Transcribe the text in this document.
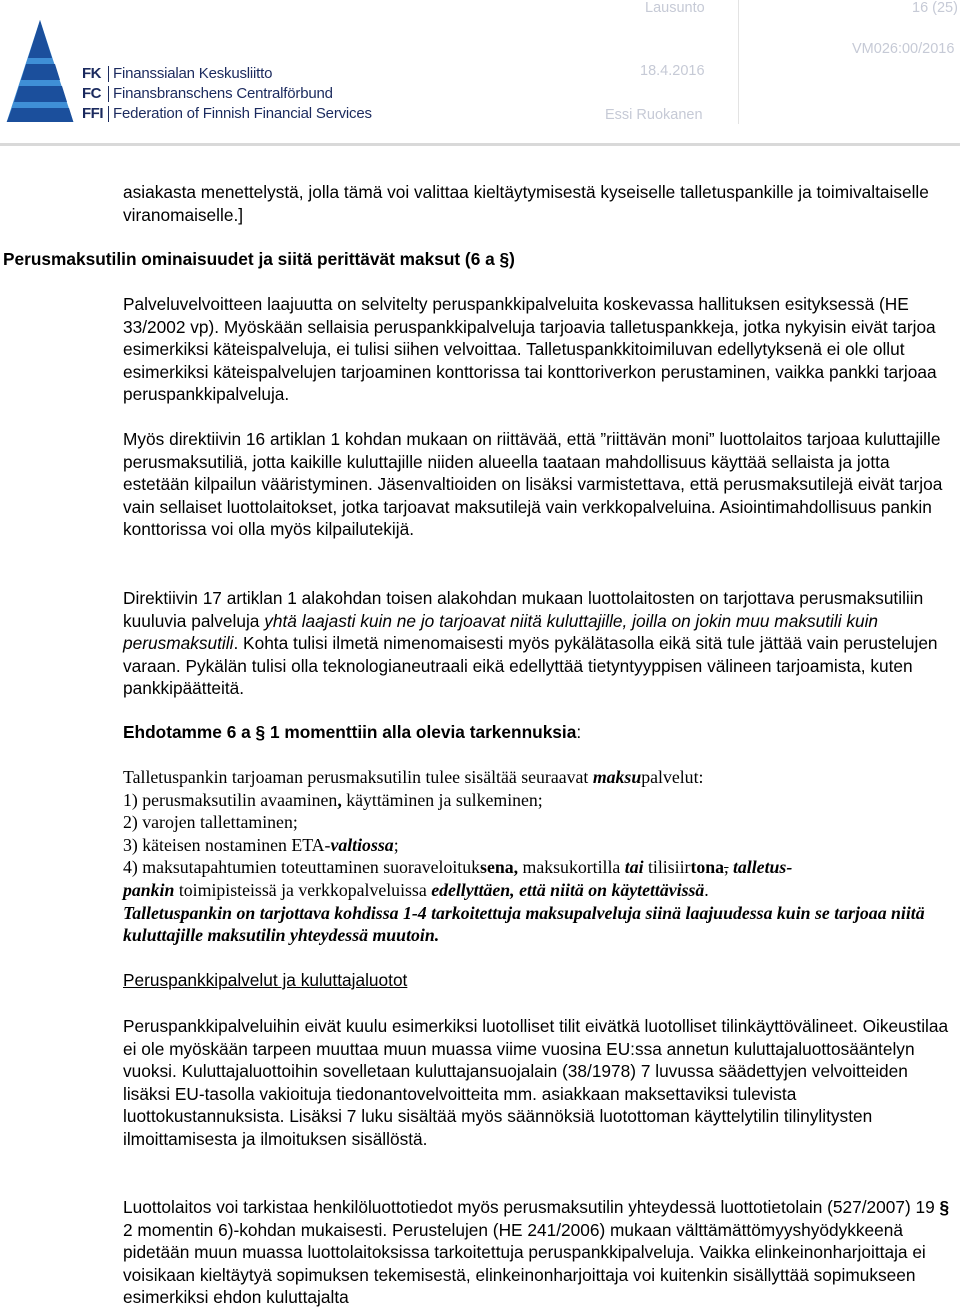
FK Finanssialan Keskusliitto
FC Finansbranschens Centralförbund
FFI Federation of Finnish Financial Services
Lausunto	16 (25)
18.4.2016
VM026:00/2016
Essi Ruokanen
asiakasta menettelystä, jolla tämä voi valittaa kieltäytymisestä kyseiselle talletuspankille ja toimivaltaiselle viranomaiselle.]
Perusmaksutilin ominaisuudet ja siitä perittävät maksut (6 a §)
Palveluvelvoitteen laajuutta on selvitelty peruspankkipalveluita koskevassa hallituksen esityksessä (HE 33/2002 vp). Myöskään sellaisia peruspankkipalveluja tarjoavia talletuspankkeja, jotka nykyisin eivät tarjoa esimerkiksi käteispalveluja, ei tulisi siihen velvoittaa. Talletuspankkitoimiluvan edellytyksenä ei ole ollut esimerkiksi käteispalvelujen tarjoaminen konttorissa tai konttoriverkon perustaminen, vaikka pankki tarjoaa peruspankkipalveluja.
Myös direktiivin 16 artiklan 1 kohdan mukaan on riittävää, että ”riittävän moni” luottolaitos tarjoaa kuluttajille perusmaksutiliä, jotta kaikille kuluttajille niiden alueella taataan mahdollisuus käyttää sellaista ja jotta estetään kilpailun vääristyminen. Jäsenvaltioiden on lisäksi varmistettava, että perusmaksutilejä eivät tarjoa vain sellaiset luottolaitokset, jotka tarjoavat maksutilejä vain verkkopalveluina. Asiointimahdollisuus pankin konttorissa voi olla myös kilpailutekijä.
Direktiivin 17 artiklan 1 alakohdan toisen alakohdan mukaan luottolaitosten on tarjottava perusmaksutiliin kuuluvia palveluja yhtä laajasti kuin ne jo tarjoavat niitä kuluttajille, joilla on jokin muu maksutili kuin perusmaksutili. Kohta tulisi ilmetä nimenomaisesti myös pykälätasolla eikä sitä tule jättää vain perustelujen varaan. Pykälän tulisi olla teknologianeutraali eikä edellyttää tietyntyyppisen välineen tarjoamista, kuten pankkipäätteitä.
Ehdotamme 6 a § 1 momenttiin alla olevia tarkennuksia:
Talletuspankin tarjoaman perusmaksutilin tulee sisältää seuraavat maksupalvelut:
1) perusmaksutilin avaaminen, käyttäminen ja sulkeminen;
2) varojen tallettaminen;
3) käteisen nostaminen ETA-valtiossa;
4) maksutapahtumien toteuttaminen suoraveloituksena, maksukortilla tai tilisiirtona, talletus-
pankin toimipisteissä ja verkkopalveluissa edellyttäen, että niitä on käytettävissä.
Talletuspankin on tarjottava kohdissa 1-4 tarkoitettuja maksupalveluja siinä laajuudessa kuin se tarjoaa niitä kuluttajille maksutilin yhteydessä muutoin.
Peruspankkipalvelut ja kuluttajaluotot
Peruspankkipalveluihin eivät kuulu esimerkiksi luotolliset tilit eivätkä luotolliset tilinkäyttövälineet. Oikeustilaa ei ole myöskään tarpeen muuttaa muun muassa viime vuosina EU:ssa annetun kuluttajaluottosääntelyn vuoksi. Kuluttajaluottoihin sovelletaan kuluttajansuojalain (38/1978) 7 luvussa säädettyjen velvoitteiden lisäksi EU-tasolla vakioituja tiedonantovelvoitteita mm. asiakkaan maksettaviksi tulevista luottokustannuksista. Lisäksi 7 luku sisältää myös säännöksiä luotottoman käyttelytilin tilinylitysten ilmoittamisesta ja ilmoituksen sisällöstä.
Luottolaitos voi tarkistaa henkilöluottotiedot myös perusmaksutilin yhteydessä luottotietolain (527/2007) 19 § 2 momentin 6)-kohdan mukaisesti. Perustelujen (HE 241/2006) mukaan välttämättömyyshyödykkeenä pidetään muun muassa luottolaitoksissa tarkoitettuja peruspankkipalveluja. Vaikka elinkeinonharjoittaja ei voisikaan kieltäytyä sopimuksen tekemisestä, elinkeinonharjoittaja voi kuitenkin sisällyttää sopimukseen esimerkiksi ehdon kuluttajalta
